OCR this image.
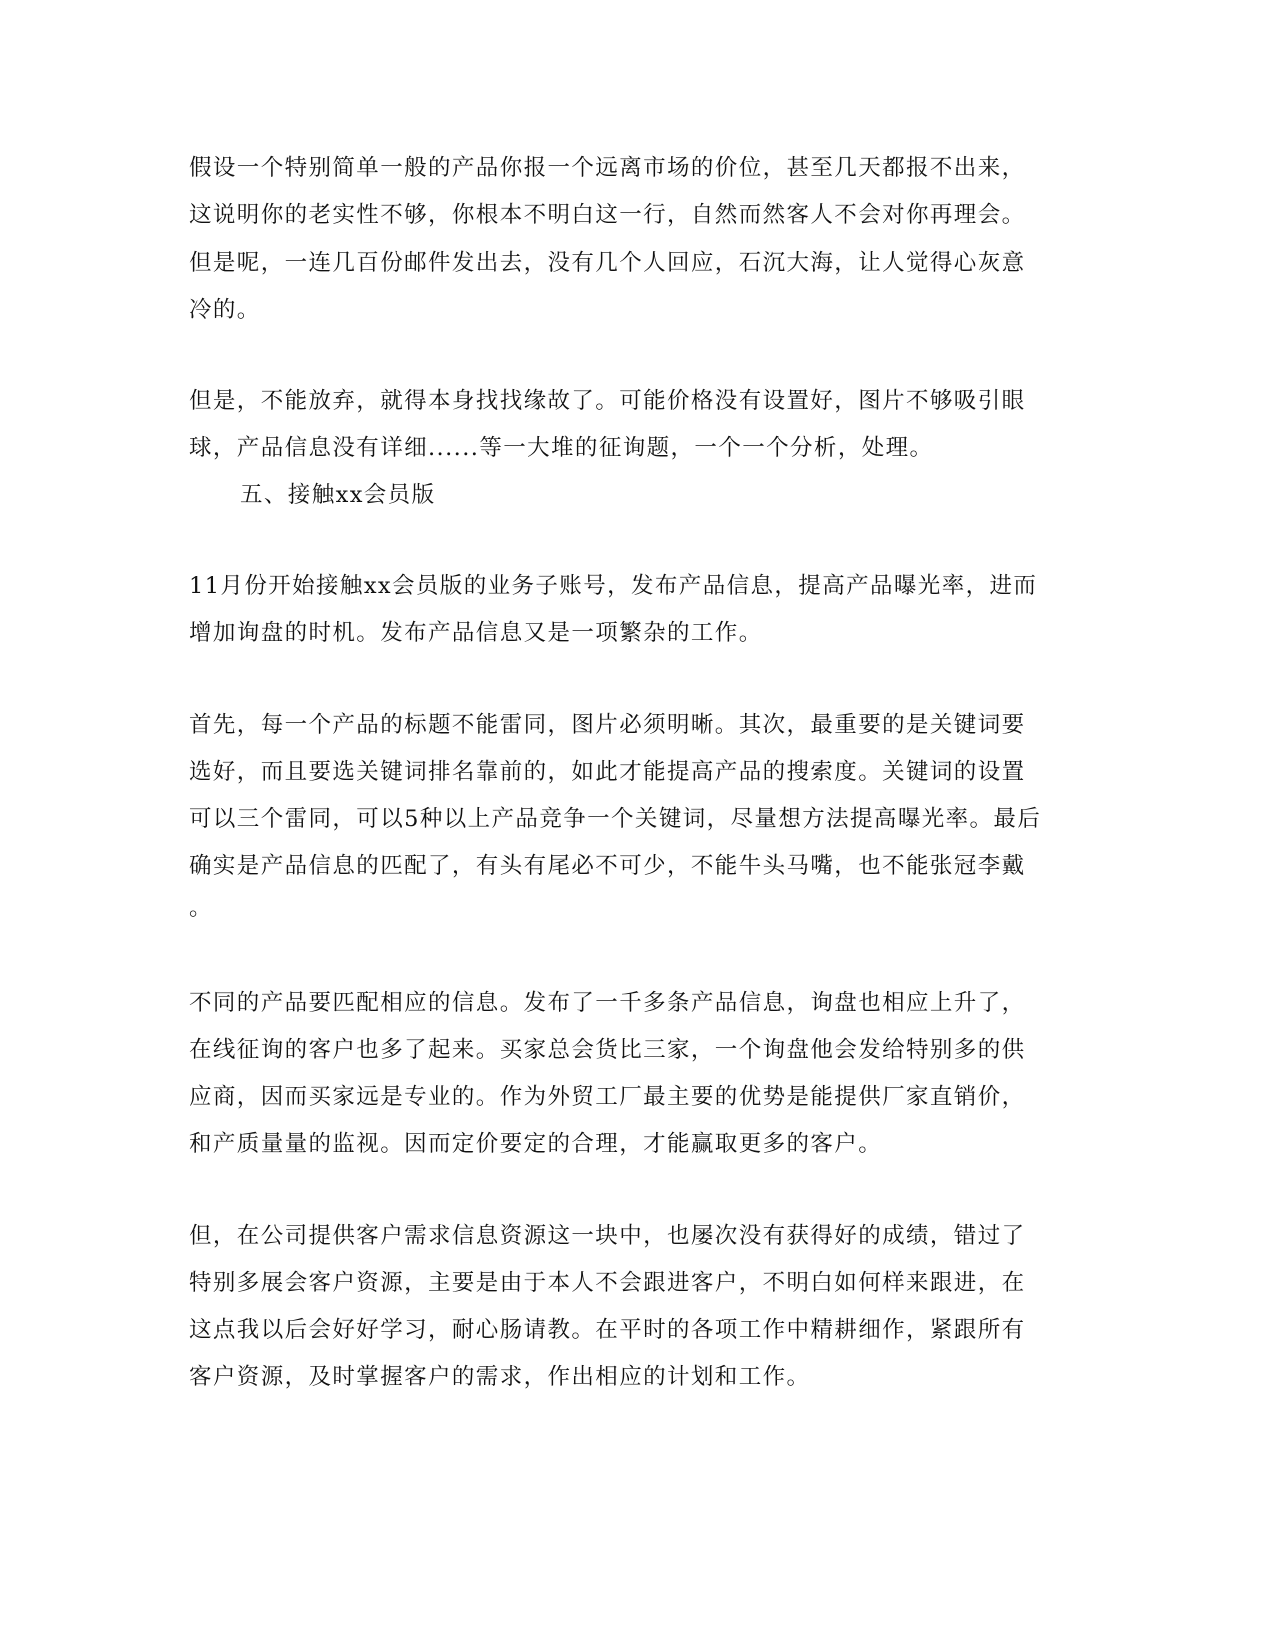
假设一个特别简单一般的产品你报一个远离市场的价位，甚至几天都报不出来，
这说明你的老实性不够，你根本不明白这一行，自然而然客人不会对你再理会。
但是呢，一连几百份邮件发出去，没有几个人回应，石沉大海，让人觉得心灰意
冷的。
但是，不能放弃，就得本身找找缘故了。可能价格没有设置好，图片不够吸引眼
球，产品信息没有详细......等一大堆的征询题，一个一个分析，处理。
五、接触xx会员版
11月份开始接触xx会员版的业务子账号，发布产品信息，提高产品曝光率，进而
增加询盘的时机。发布产品信息又是一项繁杂的工作。
首先，每一个产品的标题不能雷同，图片必须明晰。其次，最重要的是关键词要
选好，而且要选关键词排名靠前的，如此才能提高产品的搜索度。关键词的设置
可以三个雷同，可以5种以上产品竞争一个关键词，尽量想方法提高曝光率。最后
确实是产品信息的匹配了，有头有尾必不可少，不能牛头马嘴，也不能张冠李戴
。
不同的产品要匹配相应的信息。发布了一千多条产品信息，询盘也相应上升了，
在线征询的客户也多了起来。买家总会货比三家，一个询盘他会发给特别多的供
应商，因而买家远是专业的。作为外贸工厂最主要的优势是能提供厂家直销价，
和产质量量的监视。因而定价要定的合理，才能赢取更多的客户。
但，在公司提供客户需求信息资源这一块中，也屡次没有获得好的成绩，错过了
特别多展会客户资源，主要是由于本人不会跟进客户，不明白如何样来跟进，在
这点我以后会好好学习，耐心肠请教。在平时的各项工作中精耕细作，紧跟所有
客户资源，及时掌握客户的需求，作出相应的计划和工作。
